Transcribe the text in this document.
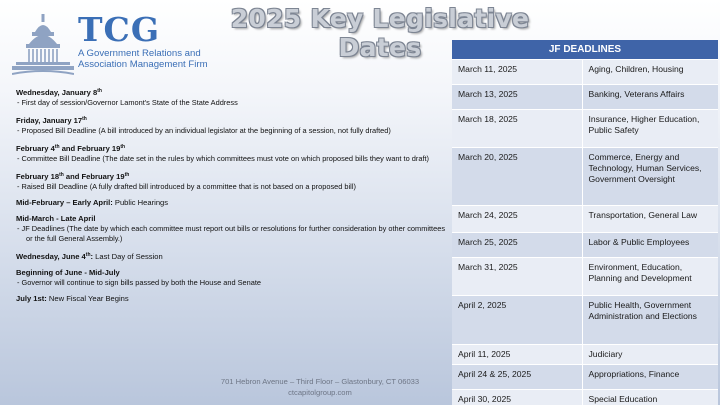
TCG
A Government Relations and Association Management Firm
2025 Key Legislative Dates
Wednesday, January 8th
- First day of session/Governor Lamont's State of the State Address
Friday, January 17th
- Proposed Bill Deadline (A bill introduced by an individual legislator at the beginning of a session, not fully drafted)
February 4th and February 19th
- Committee Bill Deadline (The date set in the rules by which committees must vote on which proposed bills they want to draft)
February 18th and February 19th
- Raised Bill Deadline (A fully drafted bill introduced by a committee that is not based on a proposed bill)
Mid-February – Early April: Public Hearings
Mid-March - Late April
- JF Deadlines (The date by which each committee must report out bills or resolutions for further consideration by other committees or the full General Assembly.)
Wednesday, June 4th: Last Day of Session
Beginning of June - Mid-July
- Governor will continue to sign bills passed by both the House and Senate
July 1st: New Fiscal Year Begins
701 Hebron Avenue – Third Floor – Glastonbury, CT 06033
ctcapitolgroup.com
JF DEADLINES	
March 11, 2025	Aging, Children, Housing
March 13, 2025	Banking, Veterans Affairs
March 18, 2025	Insurance, Higher Education, Public Safety
March 20, 2025	Commerce, Energy and Technology, Human Services, Government Oversight
March 24, 2025	Transportation, General Law
March 25, 2025	Labor & Public Employees
March 31, 2025	Environment, Education, Planning and Development
April 2, 2025	Public Health, Government Administration and Elections
April 11, 2025	Judiciary
April 24 & 25, 2025	Appropriations, Finance
April 30, 2025	Special Education
